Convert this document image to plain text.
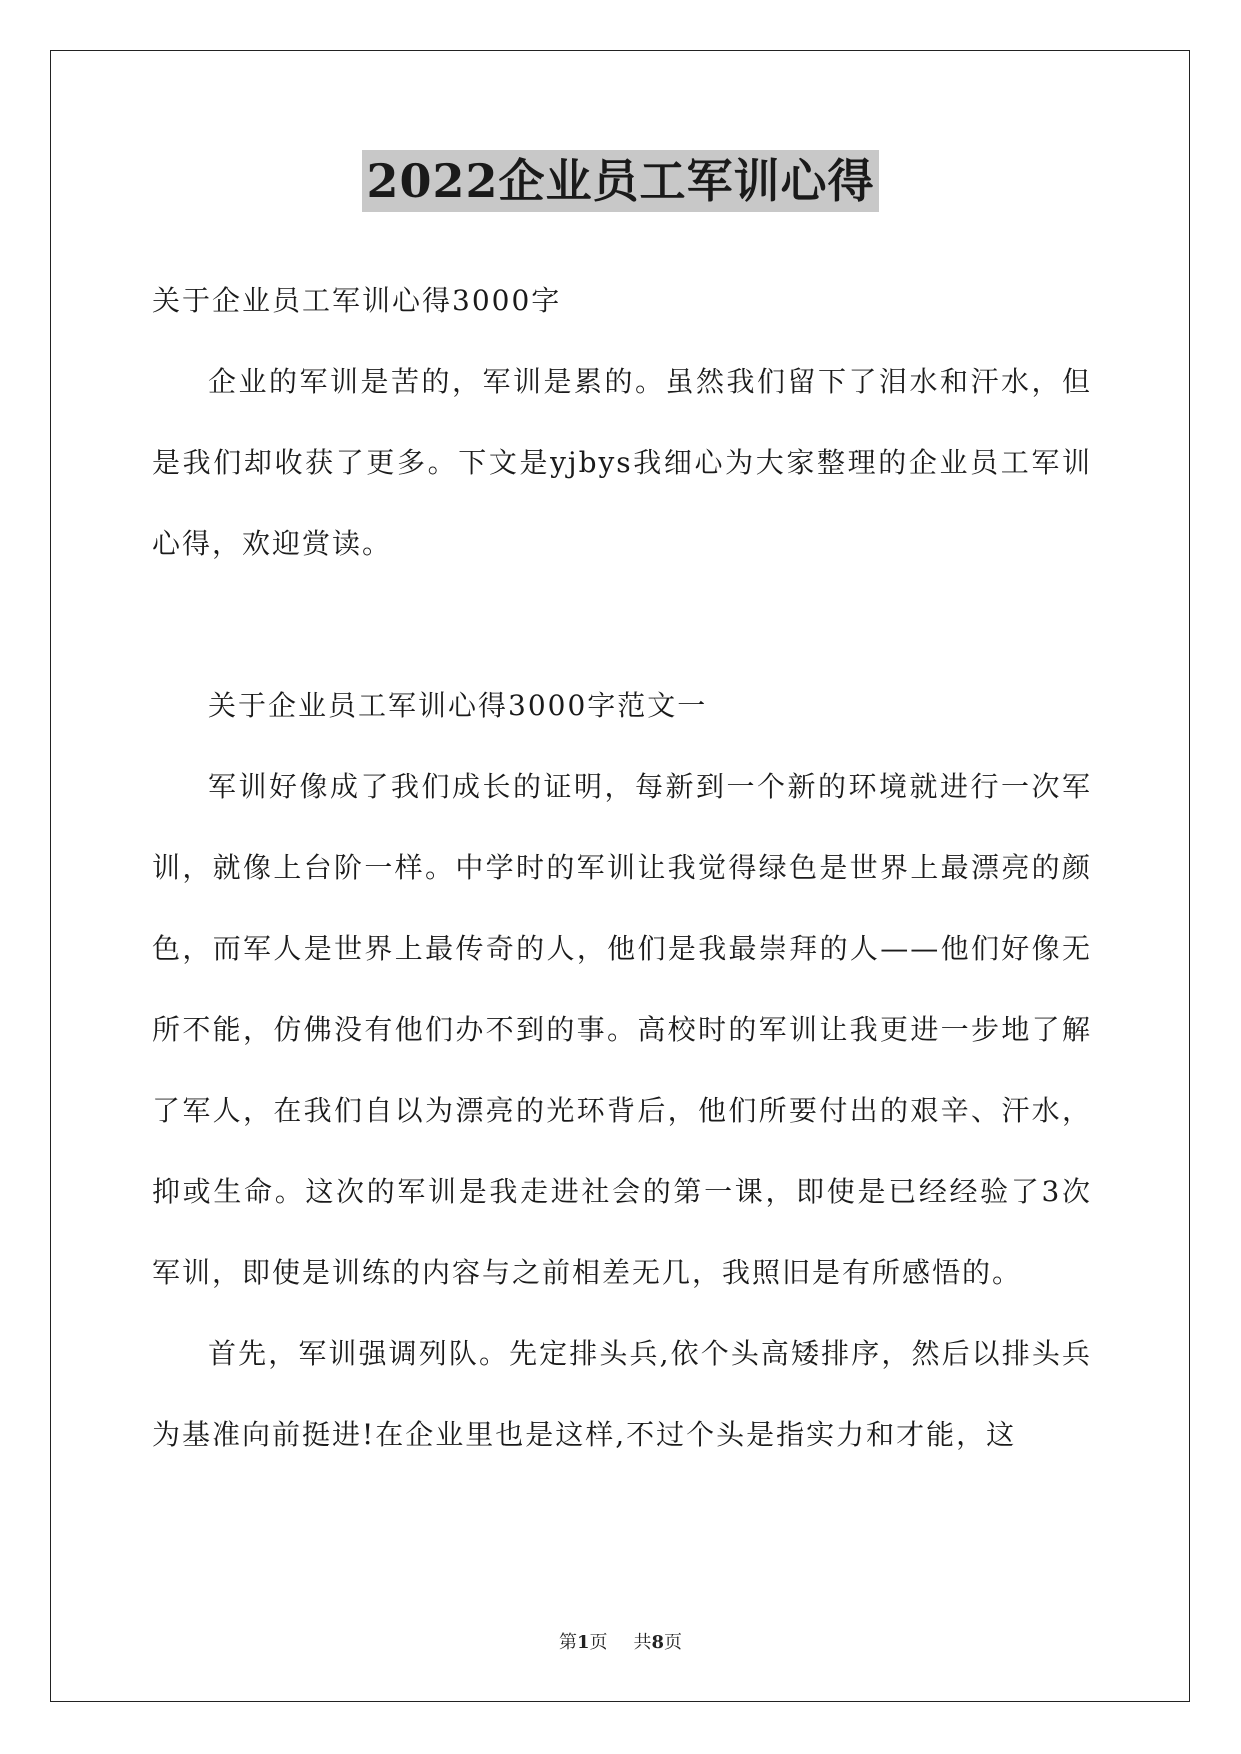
2022企业员工军训心得

关于企业员工军训心得3000字

企业的军训是苦的，军训是累的。虽然我们留下了泪水和汗水，但是我们却收获了更多。下文是yjbys我细心为大家整理的企业员工军训心得，欢迎赏读。

关于企业员工军训心得3000字范文一

军训好像成了我们成长的证明，每新到一个新的环境就进行一次军训，就像上台阶一样。中学时的军训让我觉得绿色是世界上最漂亮的颜色，而军人是世界上最传奇的人，他们是我最崇拜的人——他们好像无所不能，仿佛没有他们办不到的事。高校时的军训让我更进一步地了解了军人，在我们自以为漂亮的光环背后，他们所要付出的艰辛、汗水，抑或生命。这次的军训是我走进社会的第一课，即使是已经经验了3次军训，即使是训练的内容与之前相差无几，我照旧是有所感悟的。

首先，军训强调列队。先定排头兵,依个头高矮排序，然后以排头兵为基准向前挺进!在企业里也是这样,不过个头是指实力和才能，这

第1页 共8页
